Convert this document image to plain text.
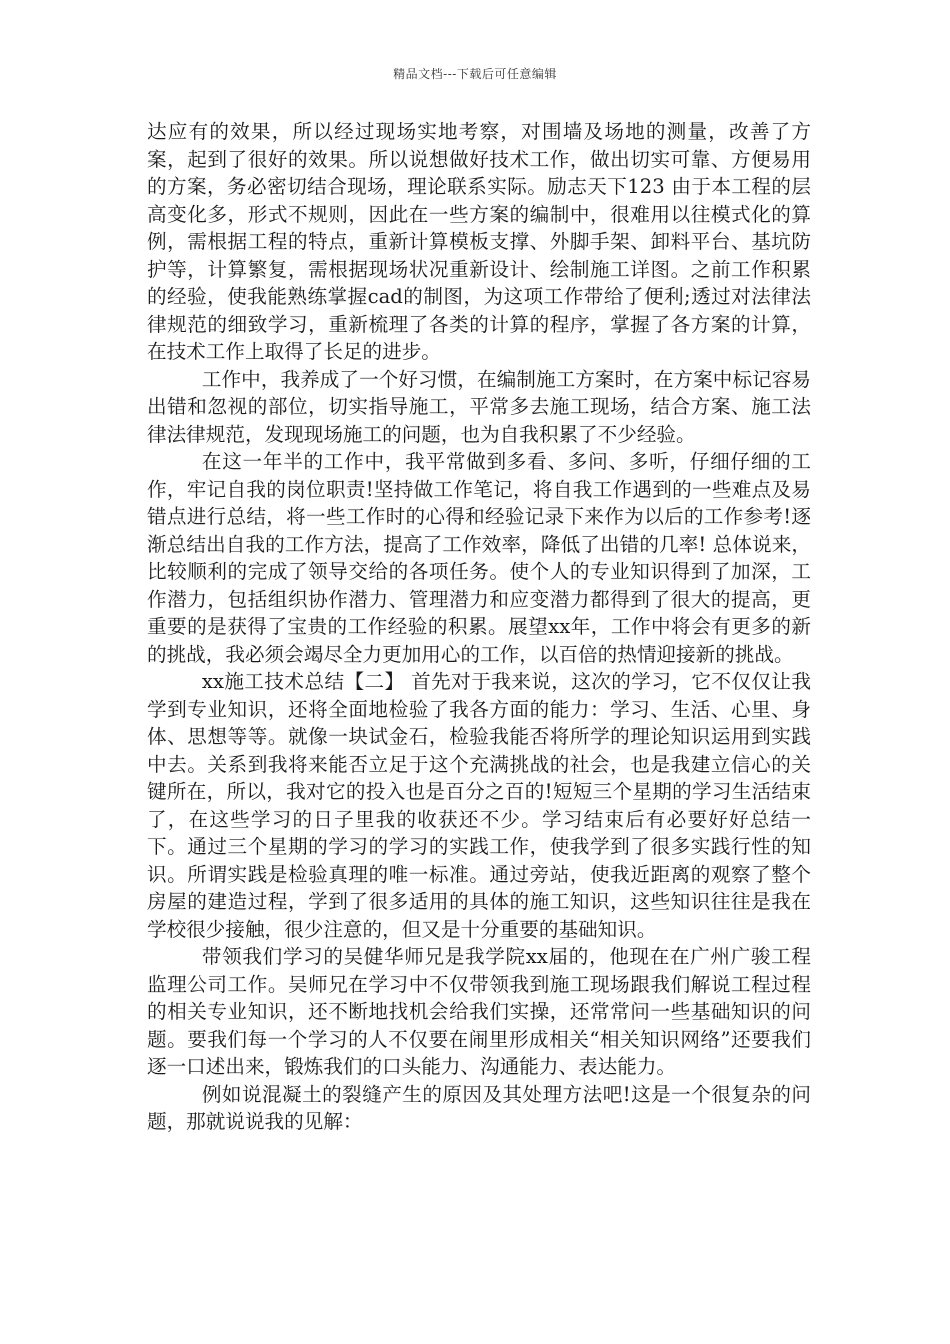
精品文档---下载后可任意编辑

达应有的效果，所以经过现场实地考察，对围墙及场地的测量，改善了方案，起到了很好的效果。所以说想做好技术工作，做出切实可靠、方便易用的方案，务必密切结合现场，理论联系实际。励志天下123 由于本工程的层高变化多，形式不规则，因此在一些方案的编制中，很难用以往模式化的算例，需根据工程的特点，重新计算模板支撑、外脚手架、卸料平台、基坑防护等，计算繁复，需根据现场状况重新设计、绘制施工详图。之前工作积累的经验，使我能熟练掌握cad的制图，为这项工作带给了便利;透过对法律法律规范的细致学习，重新梳理了各类的计算的程序，掌握了各方案的计算，在技术工作上取得了长足的进步。

工作中，我养成了一个好习惯，在编制施工方案时，在方案中标记容易出错和忽视的部位，切实指导施工，平常多去施工现场，结合方案、施工法律法律规范，发现现场施工的问题，也为自我积累了不少经验。

在这一年半的工作中，我平常做到多看、多问、多听，仔细仔细的工作，牢记自我的岗位职责!坚持做工作笔记，将自我工作遇到的一些难点及易错点进行总结，将一些工作时的心得和经验记录下来作为以后的工作参考!逐渐总结出自我的工作方法，提高了工作效率，降低了出错的几率! 总体说来，比较顺利的完成了领导交给的各项任务。使个人的专业知识得到了加深，工作潜力，包括组织协作潜力、管理潜力和应变潜力都得到了很大的提高，更重要的是获得了宝贵的工作经验的积累。展望xx年，工作中将会有更多的新的挑战，我必须会竭尽全力更加用心的工作，以百倍的热情迎接新的挑战。

xx施工技术总结【二】 首先对于我来说，这次的学习，它不仅仅让我学到专业知识，还将全面地检验了我各方面的能力：学习、生活、心里、身体、思想等等。就像一块试金石，检验我能否将所学的理论知识运用到实践中去。关系到我将来能否立足于这个充满挑战的社会，也是我建立信心的关键所在，所以，我对它的投入也是百分之百的!短短三个星期的学习生活结束了，在这些学习的日子里我的收获还不少。学习结束后有必要好好总结一下。通过三个星期的学习的学习的实践工作，使我学到了很多实践行性的知识。所谓实践是检验真理的唯一标准。通过旁站，使我近距离的观察了整个房屋的建造过程，学到了很多适用的具体的施工知识，这些知识往往是我在学校很少接触，很少注意的，但又是十分重要的基础知识。

带领我们学习的吴健华师兄是我学院xx届的，他现在在广州广骏工程监理公司工作。吴师兄在学习中不仅带领我到施工现场跟我们解说工程过程的相关专业知识，还不断地找机会给我们实操，还常常问一些基础知识的问题。要我们每一个学习的人不仅要在闹里形成相关“相关知识网络”还要我们逐一口述出来，锻炼我们的口头能力、沟通能力、表达能力。

例如说混凝土的裂缝产生的原因及其处理方法吧!这是一个很复杂的问题，那就说说我的见解：
